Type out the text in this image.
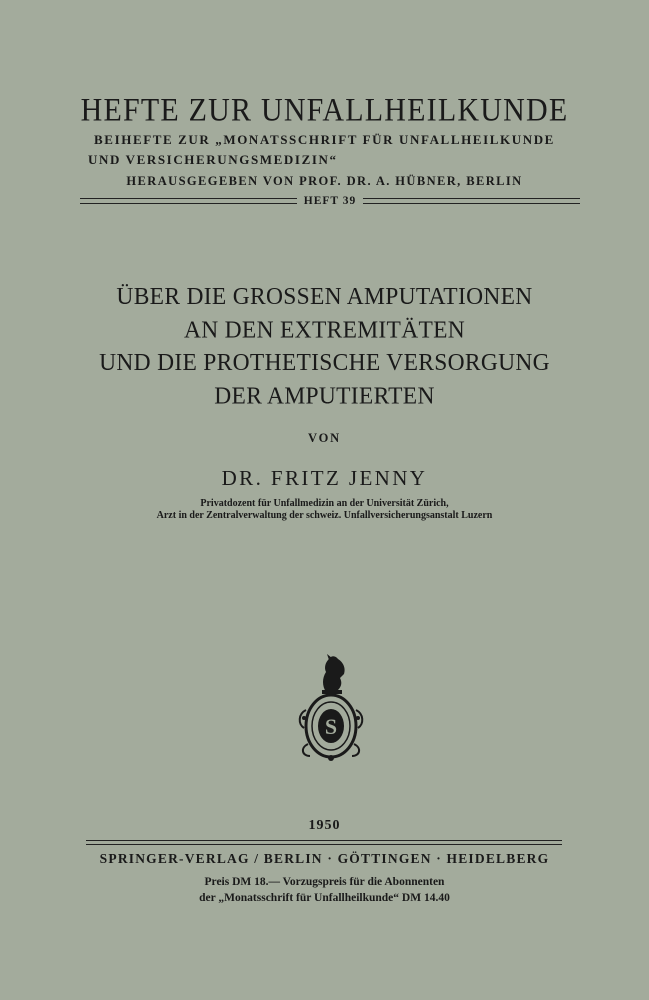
HEFTE ZUR UNFALLHEILKUNDE
BEIHEFTE ZUR „MONATSSCHRIFT FÜR UNFALLHEILKUNDE
UND VERSICHERUNGSMEDIZIN“
HERAUSGEGEBEN VON PROF. DR. A. HÜBNER, BERLIN
HEFT 39
ÜBER DIE GROSSEN AMPUTATIONEN
AN DEN EXTREMITÄTEN
UND DIE PROTHETISCHE VERSORGUNG
DER AMPUTIERTEN
VON
DR. FRITZ JENNY
Privatdozent für Unfallmedizin an der Universität Zürich,
Arzt in der Zentralverwaltung der schweiz. Unfallversicherungsanstalt Luzern
S
1950
SPRINGER-VERLAG / BERLIN · GÖTTINGEN · HEIDELBERG
Preis DM 18.— Vorzugspreis für die Abonnenten
der „Monatsschrift für Unfallheilkunde“ DM 14.40
